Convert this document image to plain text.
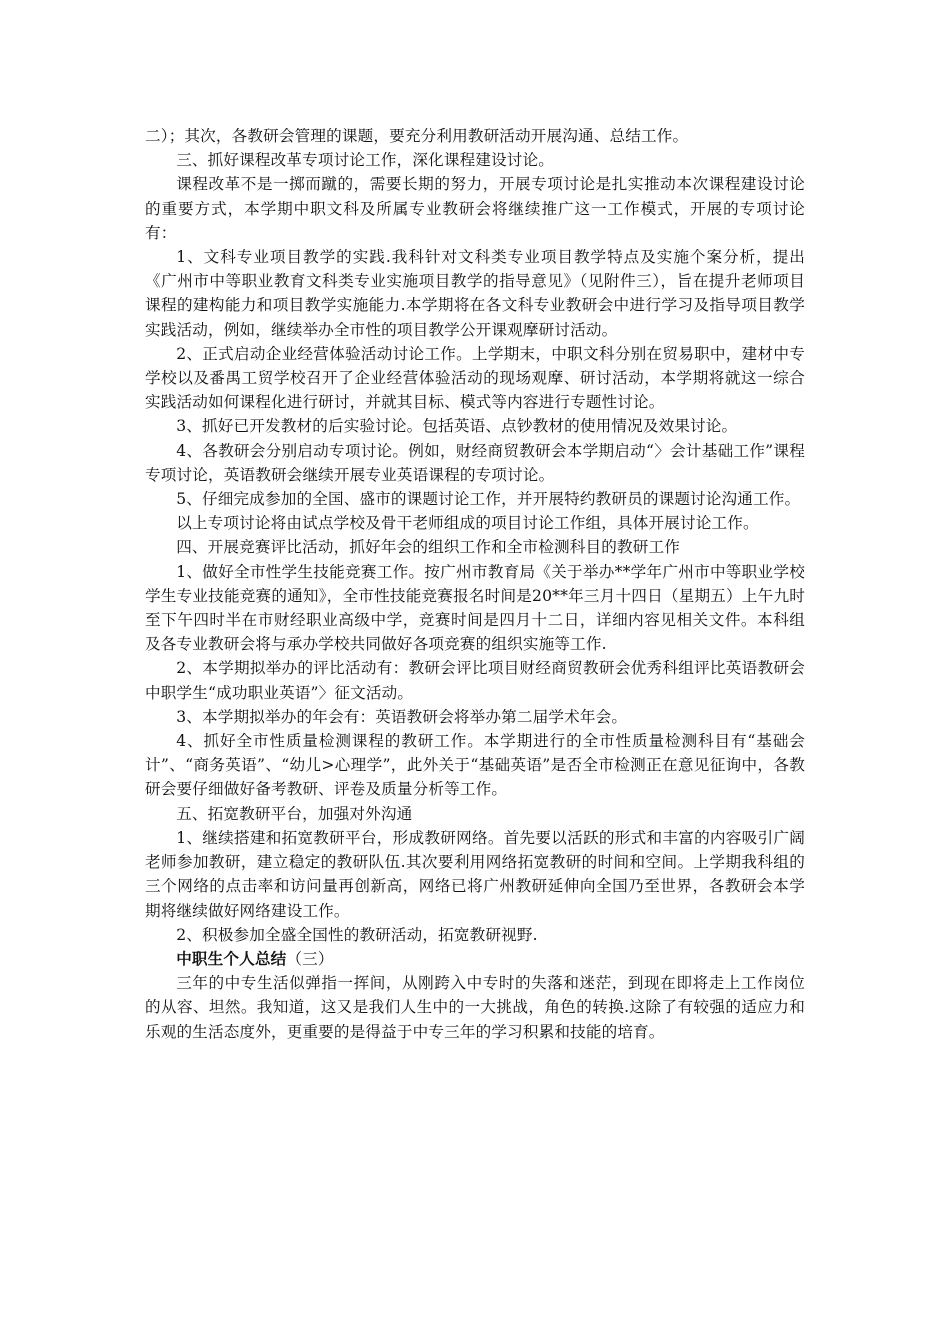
二）；其次，各教研会管理的课题，要充分利用教研活动开展沟通、总结工作。

三、抓好课程改革专项讨论工作，深化课程建设讨论。

课程改革不是一掷而蹴的，需要长期的努力，开展专项讨论是扎实推动本次课程建设讨论的重要方式，本学期中职文科及所属专业教研会将继续推广这一工作模式，开展的专项讨论有：

1、文科专业项目教学的实践.我科针对文科类专业项目教学特点及实施个案分析，提出《广州市中等职业教育文科类专业实施项目教学的指导意见》（见附件三），旨在提升老师项目课程的建构能力和项目教学实施能力.本学期将在各文科专业教研会中进行学习及指导项目教学实践活动，例如，继续举办全市性的项目教学公开课观摩研讨活动。

2、正式启动企业经营体验活动讨论工作。上学期末，中职文科分别在贸易职中，建材中专学校以及番禺工贸学校召开了企业经营体验活动的现场观摩、研讨活动，本学期将就这一综合实践活动如何课程化进行研讨，并就其目标、模式等内容进行专题性讨论。

3、抓好已开发教材的后实验讨论。包括英语、点钞教材的使用情况及效果讨论。

4、各教研会分别启动专项讨论。例如，财经商贸教研会本学期启动“〉会计基础工作”课程专项讨论，英语教研会继续开展专业英语课程的专项讨论。

5、仔细完成参加的全国、盛市的课题讨论工作，并开展特约教研员的课题讨论沟通工作。

以上专项讨论将由试点学校及骨干老师组成的项目讨论工作组，具体开展讨论工作。

四、开展竞赛评比活动，抓好年会的组织工作和全市检测科目的教研工作

1、做好全市性学生技能竞赛工作。按广州市教育局《关于举办**学年广州市中等职业学校学生专业技能竞赛的通知》，全市性技能竞赛报名时间是20**年三月十四日（星期五）上午九时至下午四时半在市财经职业高级中学，竞赛时间是四月十二日，详细内容见相关文件。本科组及各专业教研会将与承办学校共同做好各项竞赛的组织实施等工作.

2、本学期拟举办的评比活动有：教研会评比项目财经商贸教研会优秀科组评比英语教研会中职学生“成功职业英语”〉征文活动。

3、本学期拟举办的年会有：英语教研会将举办第二届学术年会。

4、抓好全市性质量检测课程的教研工作。本学期进行的全市性质量检测科目有“基础会计”、“商务英语”、“幼儿>心理学”，此外关于“基础英语”是否全市检测正在意见征询中，各教研会要仔细做好备考教研、评卷及质量分析等工作。

五、拓宽教研平台，加强对外沟通

1、继续搭建和拓宽教研平台，形成教研网络。首先要以活跃的形式和丰富的内容吸引广阔老师参加教研，建立稳定的教研队伍.其次要利用网络拓宽教研的时间和空间。上学期我科组的三个网络的点击率和访问量再创新高，网络已将广州教研延伸向全国乃至世界，各教研会本学期将继续做好网络建设工作。

2、积极参加全盛全国性的教研活动，拓宽教研视野.

中职生个人总结（三）

三年的中专生活似弹指一挥间，从刚跨入中专时的失落和迷茫，到现在即将走上工作岗位的从容、坦然。我知道，这又是我们人生中的一大挑战，角色的转换.这除了有较强的适应力和乐观的生活态度外，更重要的是得益于中专三年的学习积累和技能的培育。
